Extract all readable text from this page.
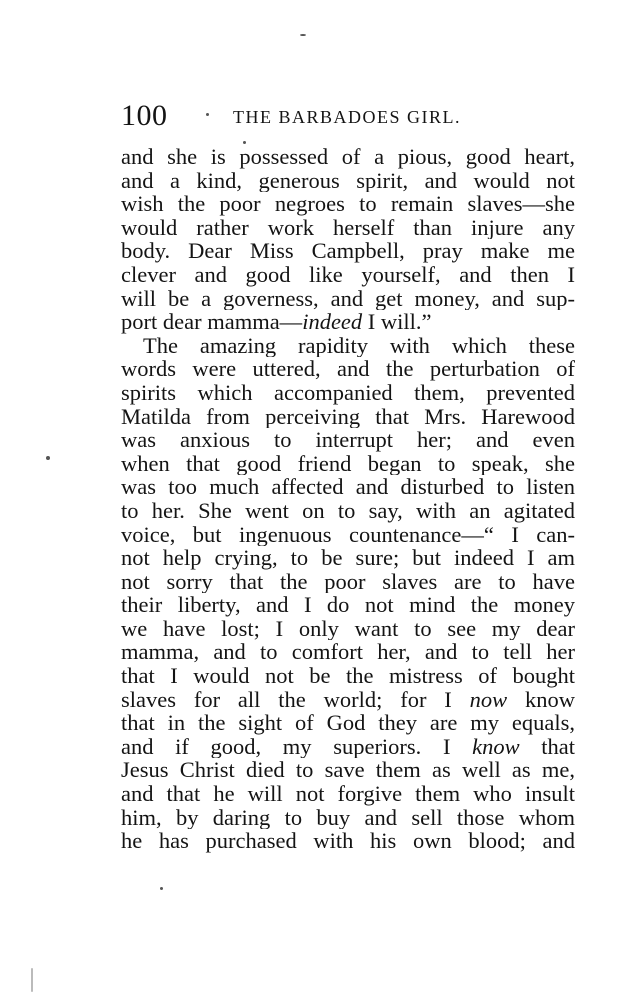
100	THE BARBADOES GIRL.
and she is possessed of a pious, good heart,
and a kind, generous spirit, and would not
wish the poor negroes to remain slaves—she
would rather work herself than injure any
body. Dear Miss Campbell, pray make me
clever and good like yourself, and then I
will be a governess, and get money, and sup-
port dear mamma—indeed I will.”
The amazing rapidity with which these
words were uttered, and the perturbation of
spirits which accompanied them, prevented
Matilda from perceiving that Mrs. Harewood
was anxious to interrupt her; and even
when that good friend began to speak, she
was too much affected and disturbed to listen
to her. She went on to say, with an agitated
voice, but ingenuous countenance—“ I can-
not help crying, to be sure; but indeed I am
not sorry that the poor slaves are to have
their liberty, and I do not mind the money
we have lost; I only want to see my dear
mamma, and to comfort her, and to tell her
that I would not be the mistress of bought
slaves for all the world; for I now know
that in the sight of God they are my equals,
and if good, my superiors. I know that
Jesus Christ died to save them as well as me,
and that he will not forgive them who insult
him, by daring to buy and sell those whom
he has purchased with his own blood; and
